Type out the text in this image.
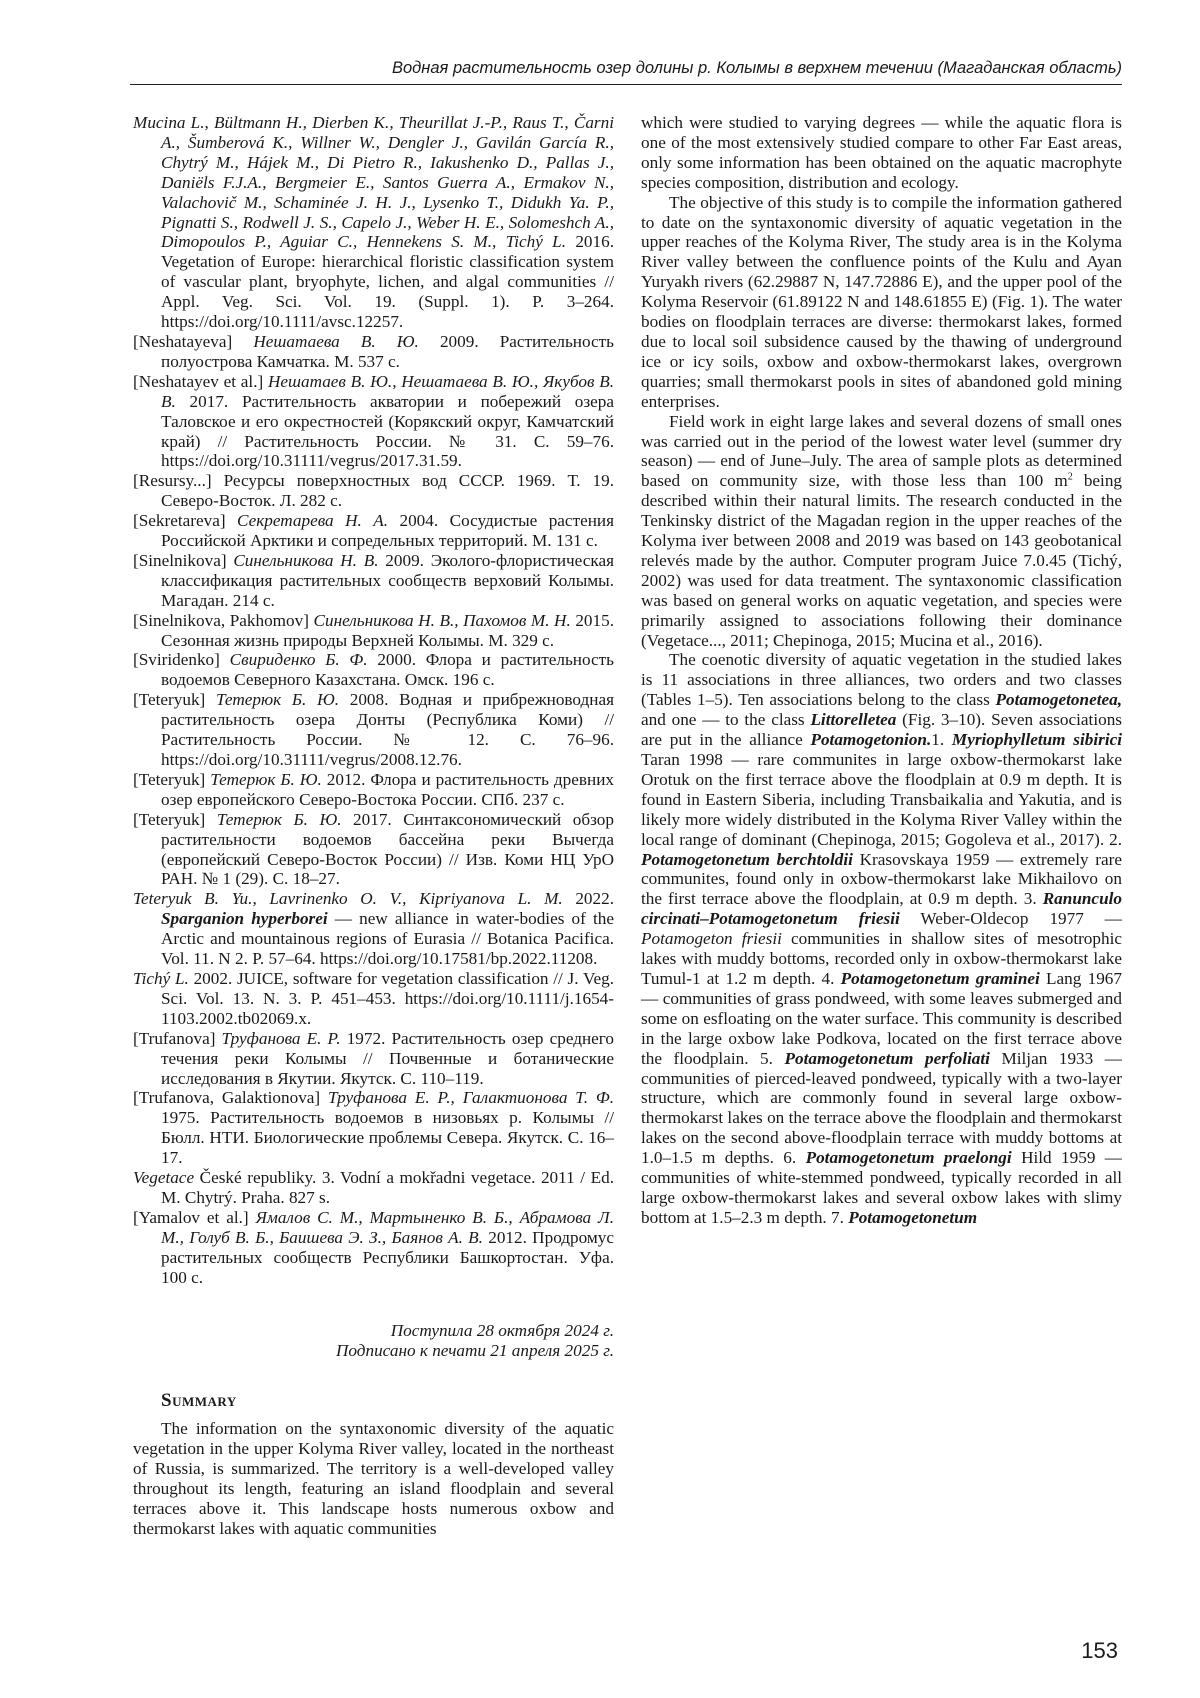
Водная растительность озер долины р. Колымы в верхнем течении (Магаданская область)

Mucina L., Bültmann H., Dierben K., Theurillat J.-P., Raus T., Čarni A., Šumberová K., Willner W., Dengler J., Gavilán García R., Chytrý M., Hájek M., Di Pietro R., Iakushenko D., Pallas J., Daniëls F.J.A., Bergmeier E., Santos Guerra A., Ermakov N., Valachovič M., Schaminée J. H. J., Lysenko T., Didukh Ya. P., Pignatti S., Rodwell J. S., Capelo J., Weber H. E., Solomeshch A., Dimopoulos P., Aguiar C., Hennekens S. M., Tichý L. 2016. Vegetation of Europe: hierarchical floristic classification system of vascular plant, bryophyte, lichen, and algal communities // Appl. Veg. Sci. Vol. 19. (Suppl. 1). P. 3–264. https://doi.org/10.1111/avsc.12257.

[Neshatayeva] Нешатаева В. Ю. 2009. Растительность полуострова Камчатка. М. 537 с.

[Neshatayev et al.] Нешатаев В. Ю., Нешатаева В. Ю., Якубов В. В. 2017. Растительность акватории и побережий озера Таловское и его окрестностей (Корякский округ, Камчатский край) // Растительность России. № 31. С. 59–76. https://doi.org/10.31111/vegrus/2017.31.59.

[Resursy...] Ресурсы поверхностных вод СССР. 1969. Т. 19. Северо-Восток. Л. 282 с.

[Sekretareva] Секретарева Н. А. 2004. Сосудистые растения Российской Арктики и сопредельных территорий. М. 131 с.

[Sinelnikova] Синельникова Н. В. 2009. Эколого-флористическая классификация растительных сообществ верховий Колымы. Магадан. 214 с.

[Sinelnikova, Pakhomov] Синельникова Н. В., Пахомов М. Н. 2015. Сезонная жизнь природы Верхней Колымы. М. 329 с.

[Sviridenko] Свириденко Б. Ф. 2000. Флора и растительность водоемов Северного Казахстана. Омск. 196 с.

[Teteryuk] Тетерюк Б. Ю. 2008. Водная и прибрежноводная растительность озера Донты (Республика Коми) // Растительность России. № 12. С. 76–96. https://doi.org/10.31111/vegrus/2008.12.76.

[Teteryuk] Тетерюк Б. Ю. 2012. Флора и растительность древних озер европейского Северо-Востока России. СПб. 237 с.

[Teteryuk] Тетерюк Б. Ю. 2017. Синтаксономический обзор растительности водоемов бассейна реки Вычегда (европейский Северо-Восток России) // Изв. Коми НЦ УрО РАН. № 1 (29). С. 18–27.

Teteryuk B. Yu., Lavrinenko O. V., Kipriyanova L. M. 2022. Sparganion hyperborei — new alliance in water-bodies of the Arctic and mountainous regions of Eurasia // Botanica Pacifica. Vol. 11. N 2. P. 57–64. https://doi.org/10.17581/bp.2022.11208.

Tichý L. 2002. JUICE, software for vegetation classification // J. Veg. Sci. Vol. 13. N. 3. P. 451–453. https://doi.org/10.1111/j.1654-1103.2002.tb02069.x.

[Trufanova] Труфанова Е. Р. 1972. Растительность озер среднего течения реки Колымы // Почвенные и ботанические исследования в Якутии. Якутск. С. 110–119.

[Trufanova, Galaktionova] Труфанова Е. Р., Галактионова Т. Ф. 1975. Растительность водоемов в низовьях р. Колымы // Бюлл. НТИ. Биологические проблемы Севера. Якутск. С. 16–17.

Vegetace České republiky. 3. Vodní a mokřadni vegetace. 2011 / Ed. M. Chytrý. Praha. 827 s.

[Yamalov et al.] Ямалов С. М., Мартыненко В. Б., Абрамова Л. М., Голуб В. Б., Баишева Э. З., Баянов А. В. 2012. Продромус растительных сообществ Республики Башкортостан. Уфа. 100 с.

Поступила 28 октября 2024 г.
Подписано к печати 21 апреля 2025 г.
Summary

The information on the syntaxonomic diversity of the aquatic vegetation in the upper Kolyma River valley, located in the northeast of Russia, is summarized. The territory is a well-developed valley throughout its length, featuring an island floodplain and several terraces above it. This landscape hosts numerous oxbow and thermokarst lakes with aquatic communities

which were studied to varying degrees — while the aquatic flora is one of the most extensively studied compare to other Far East areas, only some information has been obtained on the aquatic macrophyte species composition, distribution and ecology.

The objective of this study is to compile the information gathered to date on the syntaxonomic diversity of aquatic vegetation in the upper reaches of the Kolyma River, The study area is in the Kolyma River valley between the confluence points of the Kulu and Ayan Yuryakh rivers (62.29887 N, 147.72886 E), and the upper pool of the Kolyma Reservoir (61.89122 N and 148.61855 E) (Fig. 1). The water bodies on floodplain terraces are diverse: thermokarst lakes, formed due to local soil subsidence caused by the thawing of underground ice or icy soils, oxbow and oxbow-thermokarst lakes, overgrown quarries; small thermokarst pools in sites of abandoned gold mining enterprises.

Field work in eight large lakes and several dozens of small ones was carried out in the period of the lowest water level (summer dry season) — end of June–July. The area of sample plots as determined based on community size, with those less than 100 $m^2$ being described within their natural limits. The research conducted in the Tenkinsky district of the Magadan region in the upper reaches of the Kolyma iver between 2008 and 2019 was based on 143 geobotanical relevés made by the author. Computer program Juice 7.0.45 (Tichý, 2002) was used for data treatment. The syntaxonomic classification was based on general works on aquatic vegetation, and species were primarily assigned to associations following their dominance (Vegetace..., 2011; Chepinoga, 2015; Mucina et al., 2016).

The coenotic diversity of aquatic vegetation in the studied lakes is 11 associations in three alliances, two orders and two classes (Tables 1–5). Ten associations belong to the class Potamogetonetea, and one — to the class Littorelletea (Fig. 3–10). Seven associations are put in the alliance Potamogetonion.1. Myriophylletum sibirici Taran 1998 — rare communites in large oxbow-thermokarst lake Orotuk on the first terrace above the floodplain at 0.9 m depth. It is found in Eastern Siberia, including Transbaikalia and Yakutia, and is likely more widely distributed in the Kolyma River Valley within the local range of dominant (Chepinoga, 2015; Gogoleva et al., 2017). 2. Potamogetonetum berchtoldii Krasovskaya 1959 — extremely rare communites, found only in oxbow-thermokarst lake Mikhailovo on the first terrace above the floodplain, at 0.9 m depth. 3. Ranunculo circinati–Potamogetonetum friesii Weber-Oldecop 1977 — Potamogeton friesii communities in shallow sites of mesotrophic lakes with muddy bottoms, recorded only in oxbow-thermokarst lake Tumul-1 at 1.2 m depth. 4. Potamogetonetum graminei Lang 1967 — communities of grass pondweed, with some leaves submerged and some on esfloating on the water surface. This community is described in the large oxbow lake Podkova, located on the first terrace above the floodplain. 5. Potamogetonetum perfoliati Miljan 1933 — communities of pierced-leaved pondweed, typically with a two-layer structure, which are commonly found in several large oxbow-thermokarst lakes on the terrace above the floodplain and thermokarst lakes on the second above-floodplain terrace with muddy bottoms at 1.0–1.5 m depths. 6. Potamogetonetum praelongi Hild 1959 — communities of white-stemmed pondweed, typically recorded in all large oxbow-thermokarst lakes and several oxbow lakes with slimy bottom at 1.5–2.3 m depth. 7. Potamogetonetum

153
